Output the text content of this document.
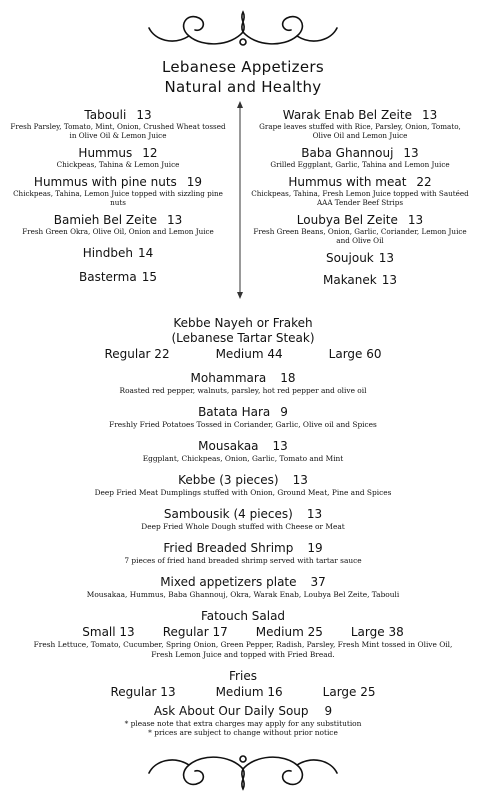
Lebanese Appetizers
Natural and Healthy
Tabouli 13
Fresh Parsley, Tomato, Mint, Onion, Crushed Wheat tossed in Olive Oil & Lemon Juice
Hummus 12
Chickpeas, Tahina & Lemon Juice
Hummus with pine nuts 19
Chickpeas, Tahina, Lemon Juice topped with sizzling pine nuts
Bamieh Bel Zeite 13
Fresh Green Okra, Olive Oil, Onion and Lemon Juice
Hindbeh 14
Basterma 15
Warak Enab Bel Zeite 13
Grape leaves stuffed with Rice, Parsley, Onion, Tomato, Olive Oil and Lemon Juice
Baba Ghannouj 13
Grilled Eggplant, Garlic, Tahina and Lemon Juice
Hummus with meat 22
Chickpeas, Tahina, Fresh Lemon Juice topped with Sautéed AAA Tender Beef Strips
Loubya Bel Zeite 13
Fresh Green Beans, Onion, Garlic, Coriander, Lemon Juice and Olive Oil
Soujouk 13
Makanek 13
Kebbe Nayeh or Frakeh
(Lebanese Tartar Steak)
Regular 22	Medium 44	Large 60
Mohammara 18
Roasted red pepper, walnuts, parsley, hot red pepper and olive oil
Batata Hara 9
Freshly Fried Potatoes Tossed in Coriander, Garlic, Olive oil and Spices
Mousakaa 13
Eggplant, Chickpeas, Onion, Garlic, Tomato and Mint
Kebbe (3 pieces) 13
Deep Fried Meat Dumplings stuffed with Onion, Ground Meat, Pine and Spices
Sambousik (4 pieces) 13
Deep Fried Whole Dough stuffed with Cheese or Meat
Fried Breaded Shrimp 19
7 pieces of fried hand breaded shrimp served with tartar sauce
Mixed appetizers plate 37
Mousakaa, Hummus, Baba Ghannouj, Okra, Warak Enab, Loubya Bel Zeite, Tabouli
Fatouch Salad
Small 13 Regular 17 Medium 25 Large 38
Fresh Lettuce, Tomato, Cucumber, Spring Onion, Green Pepper, Radish, Parsley, Fresh Mint tossed in Olive Oil, Fresh Lemon Juice and topped with Fried Bread.
Fries
Regular 13	Medium 16	Large 25
Ask About Our Daily Soup 9
* please note that extra charges may apply for any substitution
* prices are subject to change without prior notice
